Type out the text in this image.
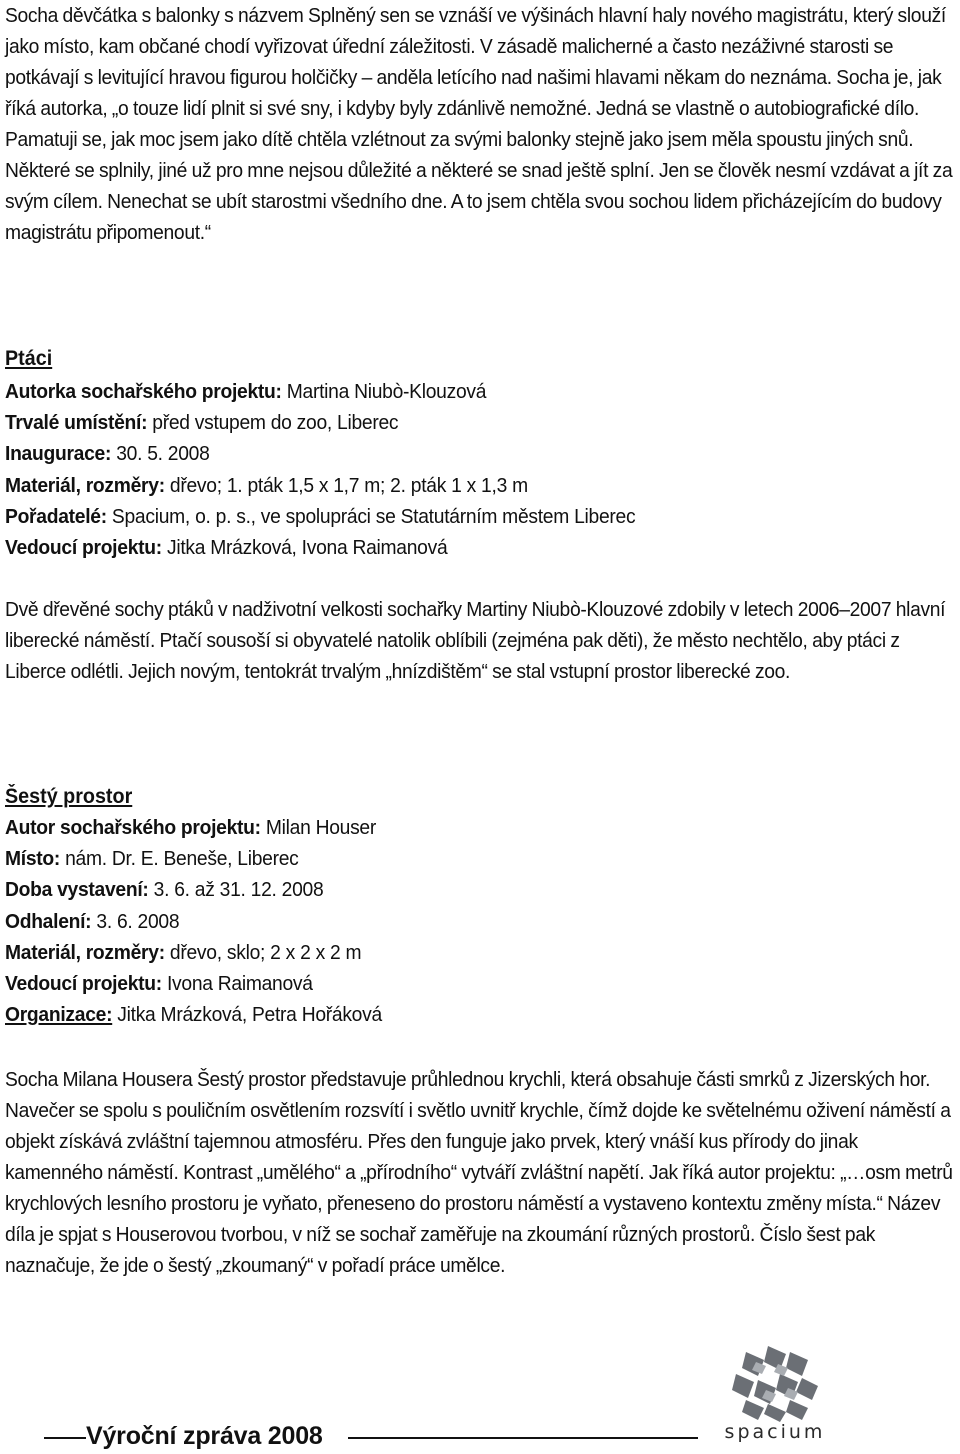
Socha děvčátka s balonky s názvem Splněný sen se vznáší ve výšinách hlavní haly nového magistrátu, který slouží jako místo, kam občané chodí vyřizovat úřední záležitosti. V zásadě malicherné a často nezáživné starosti se potkávají s levitující hravou figurou holčičky – anděla letícího nad našimi hlavami někam do neznáma. Socha je, jak říká autorka, „o touze lidí plnit si své sny, i kdyby byly zdánlivě nemožné. Jedná se vlastně o autobiografické dílo. Pamatuji se, jak moc jsem jako dítě chtěla vzlétnout za svými balonky stejně jako jsem měla spoustu jiných snů. Některé se splnily, jiné už pro mne nejsou důležité a některé se snad ještě splní. Jen se člověk nesmí vzdávat a jít za svým cílem. Nenechat se ubít starostmi všedního dne. A to jsem chtěla svou sochou lidem přicházejícím do budovy magistrátu připomenout.“

Ptáci
Autorka sochařského projektu: Martina Niubò-Klouzová
Trvalé umístění: před vstupem do zoo, Liberec
Inaugurace: 30. 5. 2008
Materiál, rozměry: dřevo; 1. pták 1,5 x 1,7 m; 2. pták 1 x 1,3 m
Pořadatelé: Spacium, o. p. s., ve spolupráci se Statutárním městem Liberec
Vedoucí projektu: Jitka Mrázková, Ivona Raimanová

Dvě dřevěné sochy ptáků v nadživotní velkosti sochařky Martiny Niubò-Klouzové zdobily v letech 2006–2007 hlavní liberecké náměstí. Ptačí sousoší si obyvatelé natolik oblíbili (zejména pak děti), že město nechtělo, aby ptáci z Liberce odlétli. Jejich novým, tentokrát trvalým „hnízdištěm“ se stal vstupní prostor liberecké zoo.

Šestý prostor
Autor sochařského projektu: Milan Houser
Místo: nám. Dr. E. Beneše, Liberec
Doba vystavení: 3. 6. až 31. 12. 2008
Odhalení: 3. 6. 2008
Materiál, rozměry: dřevo, sklo; 2 x 2 x 2 m
Vedoucí projektu: Ivona Raimanová
Organizace: Jitka Mrázková, Petra Hořáková

Socha Milana Housera Šestý prostor představuje průhlednou krychli, která obsahuje části smrků z Jizerských hor. Navečer se spolu s pouličním osvětlením rozsvítí i světlo uvnitř krychle, čímž dojde ke světelnému oživení náměstí a objekt získává zvláštní tajemnou atmosféru. Přes den funguje jako prvek, který vnáší kus přírody do jinak kamenného náměstí. Kontrast „umělého“ a „přírodního“ vytváří zvláštní napětí. Jak říká autor projektu: „…osm metrů krychlových lesního prostoru je vyňato, přeneseno do prostoru náměstí a vystaveno kontextu změny místa.“ Název díla je spjat s Houserovou tvorbou, v níž se sochař zaměřuje na zkoumání různých prostorů. Číslo šest pak naznačuje, že jde o šestý „zkoumaný“ v pořadí práce umělce.

Výroční zpráva 2008	spacium
